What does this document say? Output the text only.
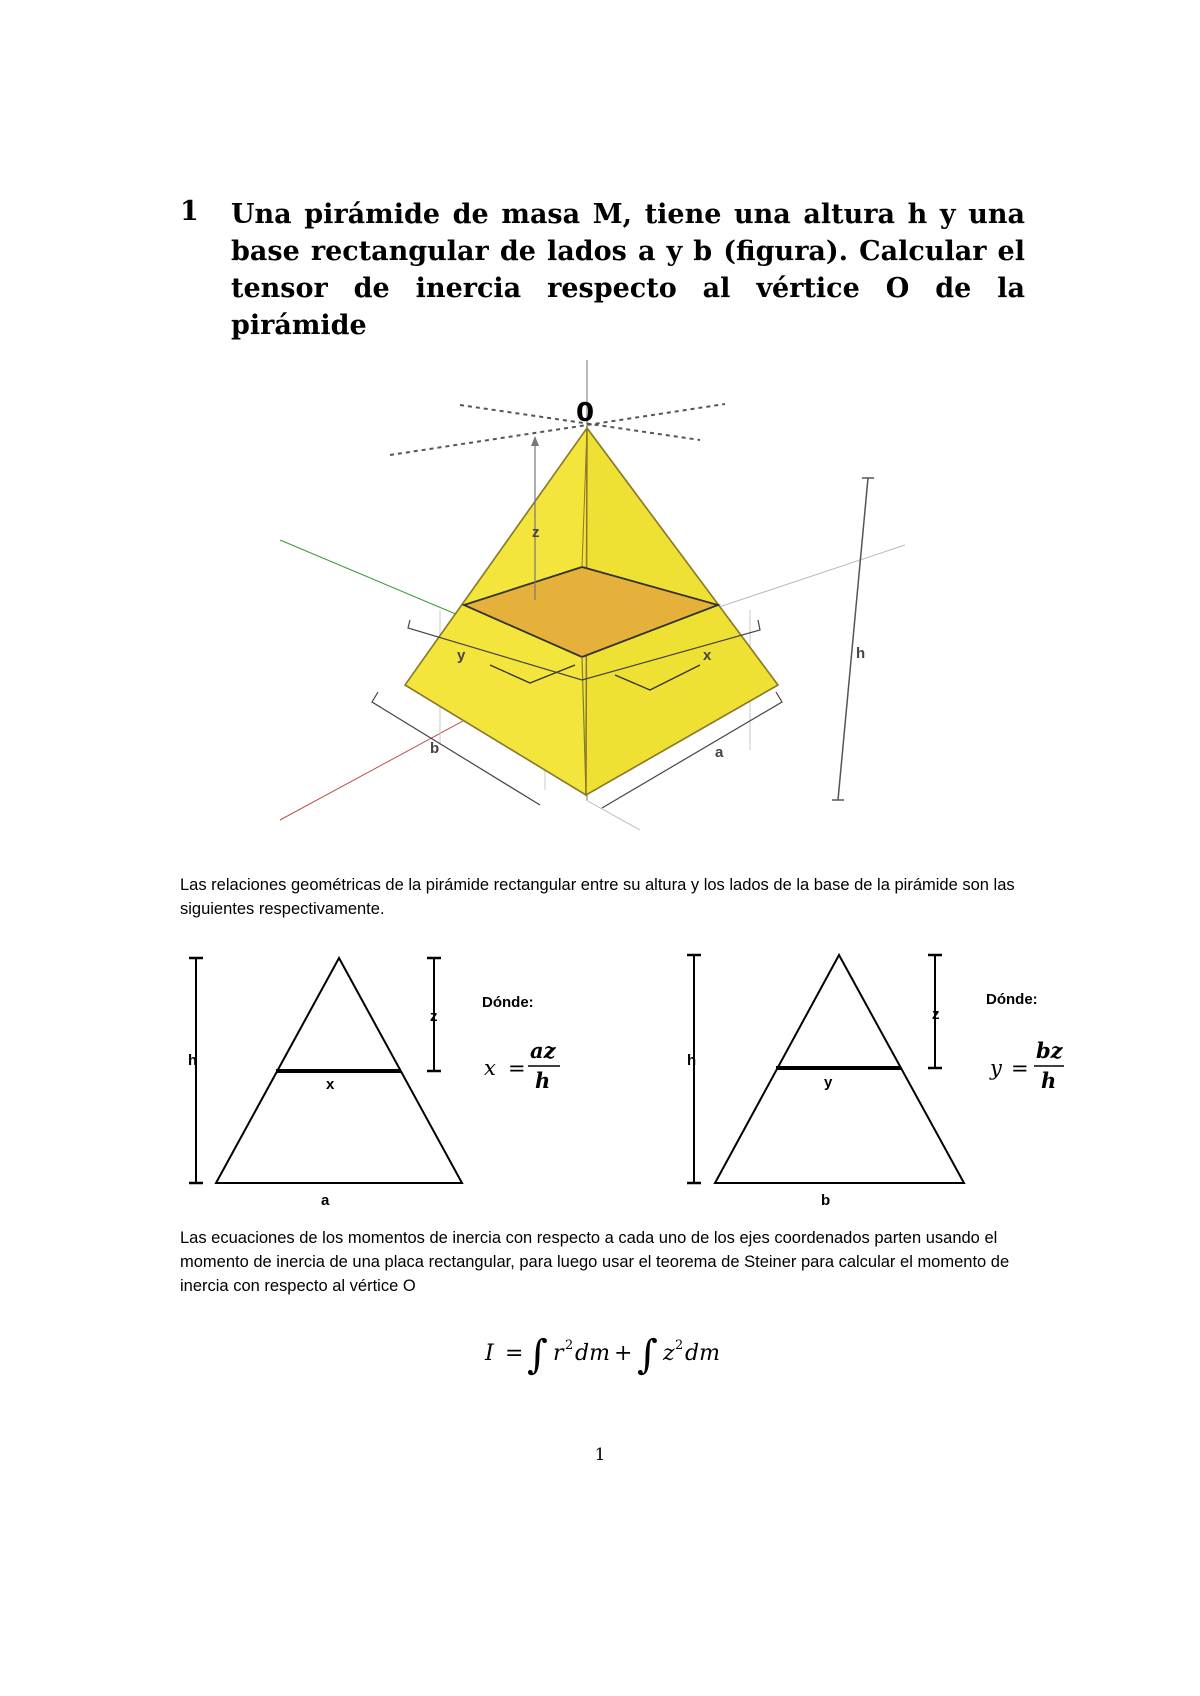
1 Una pirámide de masa M, tiene una altura h y una base rectangular de lados a y b (figura). Calcular el tensor de inercia respecto al vértice O de la pirámide
0
z
y	x	h
b	a
h
z
x
a
Dónde:
x =
az
h
h
z
y
b
Dónde:
y =
bz
h
I = ∫ r 2 dm + ∫ z 2 dm
Las relaciones geométricas de la pirámide rectangular entre su altura y los lados de la base de la pirámide son las siguientes respectivamente.
Las ecuaciones de los momentos de inercia con respecto a cada uno de los ejes coordenados parten usando el momento de inercia de una placa rectangular, para luego usar el teorema de Steiner para calcular el momento de inercia con respecto al vértice O
1
